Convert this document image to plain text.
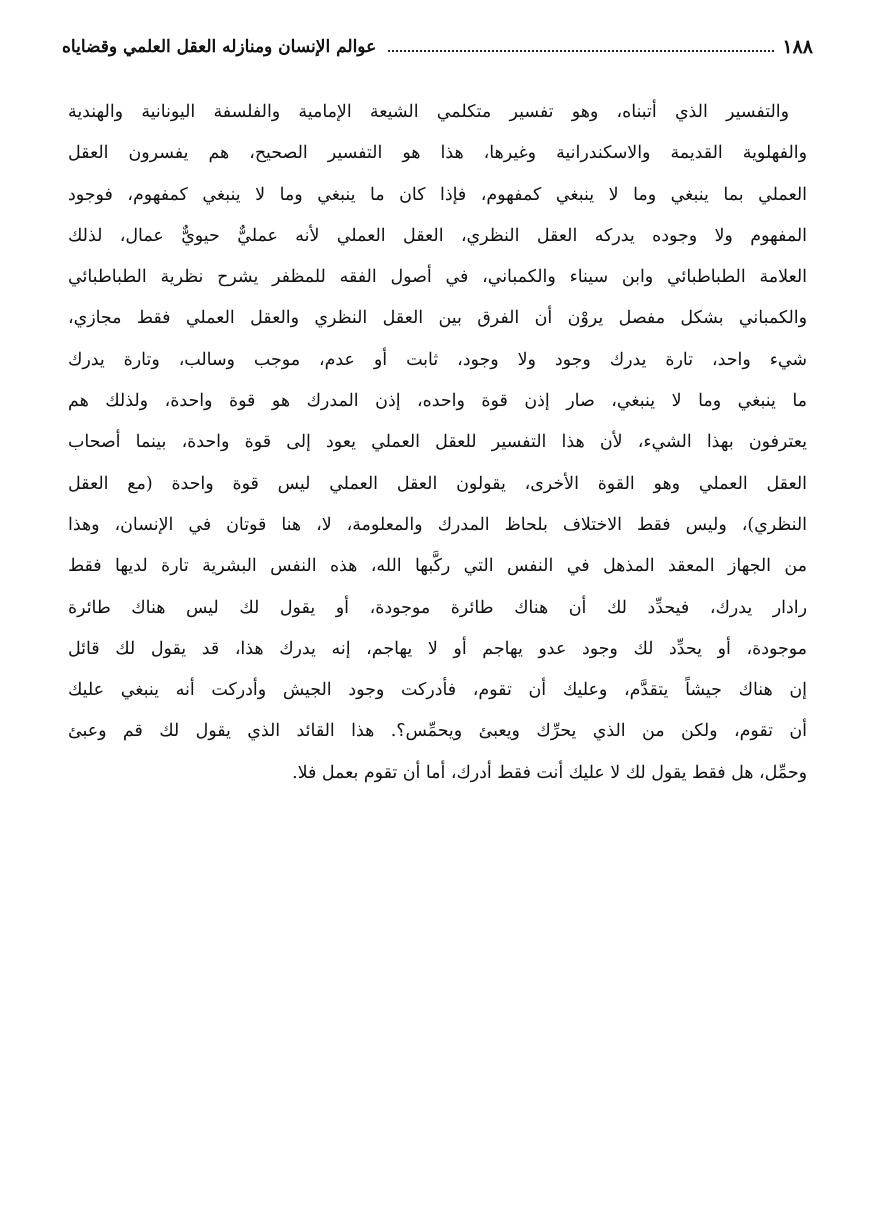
١٨٨
عوالم الإنسان ومنازله العقل العلمي وقضاياه
والتفسير الذي أتبناه، وهو تفسير متكلمي الشيعة الإمامية والفلسفة اليونانية والهندية
والفهلوية القديمة والاسكندرانية وغيرها، هذا هو التفسير الصحيح، هم يفسرون العقل
العملي بما ينبغي وما لا ينبغي كمفهوم، فإذا كان ما ينبغي وما لا ينبغي كمفهوم، فوجود
المفهوم ولا وجوده يدركه العقل النظري، العقل العملي لأنه عمليٌّ حيويٌّ عمال، لذلك
العلامة الطباطبائي وابن سيناء والكمباني، في أصول الفقه للمظفر يشرح نظرية الطباطبائي
والكمباني بشكل مفصل يروْن أن الفرق بين العقل النظري والعقل العملي فقط مجازي،
شيء واحد، تارة يدرك وجود ولا وجود، ثابت أو عدم، موجب وسالب، وتارة يدرك
ما ينبغي وما لا ينبغي، صار إذن قوة واحده، إذن المدرك هو قوة واحدة، ولذلك هم
يعترفون بهذا الشيء، لأن هذا التفسير للعقل العملي يعود إلى قوة واحدة، بينما أصحاب
العقل العملي وهو القوة الأخرى، يقولون العقل العملي ليس قوة واحدة (مع العقل
النظري)، وليس فقط الاختلاف بلحاظ المدرك والمعلومة، لا، هنا قوتان في الإنسان، وهذا
من الجهاز المعقد المذهل في النفس التي ركَّبها الله، هذه النفس البشرية تارة لديها فقط
رادار يدرك، فيحدِّد لك أن هناك طائرة موجودة، أو يقول لك ليس هناك طائرة
موجودة، أو يحدِّد لك وجود عدو يهاجم أو لا يهاجم، إنه يدرك هذا، قد يقول لك قائل
إن هناك جيشاً يتقدَّم، وعليك أن تقوم، فأدركت وجود الجيش وأدركت أنه ينبغي عليك
أن تقوم، ولكن من الذي يحرِّك ويعبئ ويحمِّس؟. هذا القائد الذي يقول لك قم وعبئ
وحمِّل، هل فقط يقول لك لا عليك أنت فقط أدرك، أما أن تقوم بعمل فلا.
